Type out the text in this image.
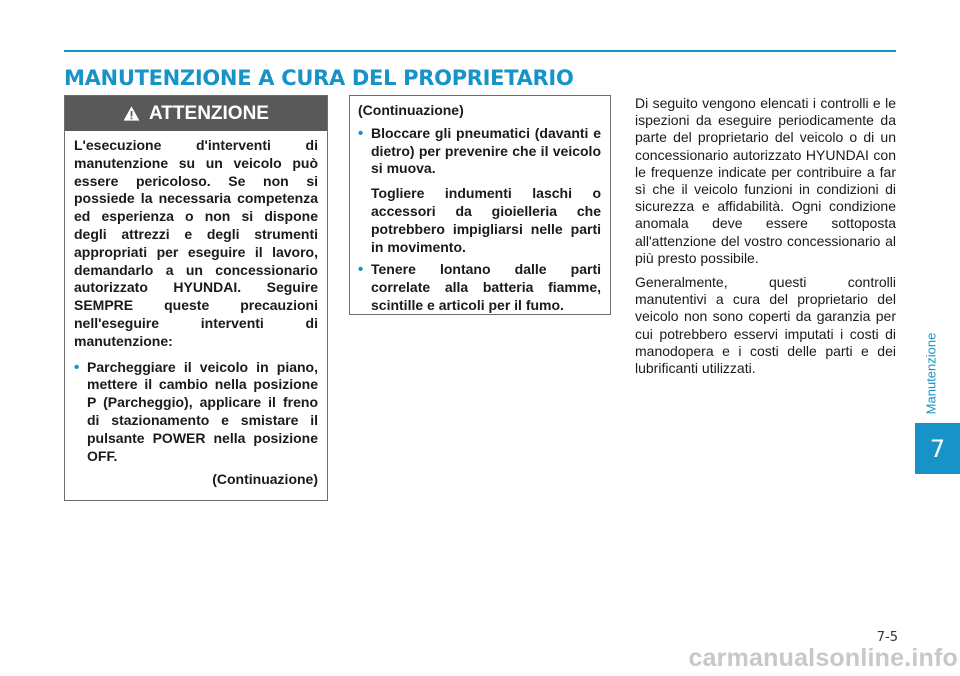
MANUTENZIONE A CURA DEL PROPRIETARIO
ATTENZIONE
L'esecuzione d'interventi di manutenzione su un veicolo può essere pericoloso. Se non si possiede la necessaria competenza ed esperienza o non si dispone degli attrezzi e degli strumenti appropriati per eseguire il lavoro, demandarlo a un concessionario autorizzato HYUNDAI. Seguire SEMPRE queste precauzioni nell'eseguire interventi di manutenzione:
• Parcheggiare il veicolo in piano, mettere il cambio nella posizione P (Parcheggio), applicare il freno di stazionamento e smistare il pulsante POWER nella posizione OFF.
(Continuazione)
(Continuazione)
• Bloccare gli pneumatici (davanti e dietro) per prevenire che il veicolo si muova.
Togliere indumenti laschi o accessori da gioielleria che potrebbero impigliarsi nelle parti in movimento.
• Tenere lontano dalle parti correlate alla batteria fiamme, scintille e articoli per il fumo.

Di seguito vengono elencati i controlli e le ispezioni da eseguire periodicamente da parte del proprietario del veicolo o di un concessionario autorizzato HYUNDAI con le frequenze indicate per contribuire a far sì che il veicolo funzioni in condizioni di sicurezza e affidabilità. Ogni condizione anomala deve essere sottoposta all'attenzione del vostro concessionario al più presto possibile.

Generalmente, questi controlli manutentivi a cura del proprietario del veicolo non sono coperti da garanzia per cui potrebbero esservi imputati i costi di manodopera e i costi delle parti e dei lubrificanti utilizzati.	Manutenzione
7
7-5
carmanualsonline.info
